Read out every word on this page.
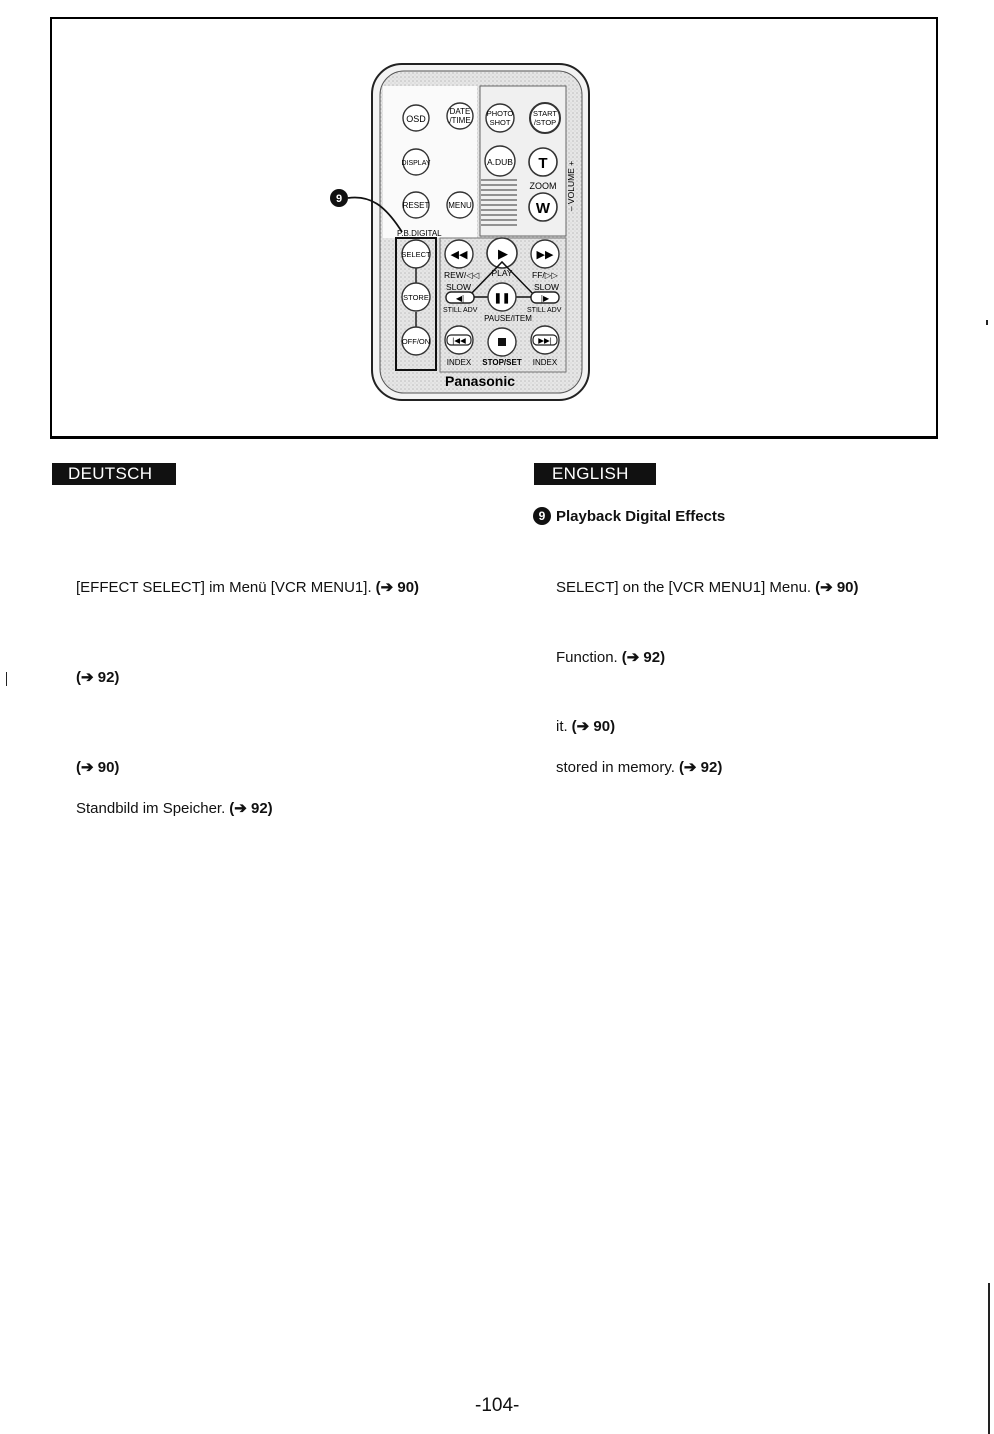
OSD
DATE
/TIME
PHOTO
SHOT
START
/STOP
DISPLAY	A.DUB T
ZOOM
W – VOLUME +
RESET MENU
9
P.B.DIGITAL
SELECT
STORE
OFF/ON
◀◀ ▶	▶▶
REW/◁◁ PLAY FF/▷▷
SLOW	SLOW
◀|	|▶
❚❚
STILL ADV	STILL ADV
PAUSE/ITEM
|◀◀	▶▶|
INDEX STOP/SET INDEX
Panasonic
DEUTSCH
[EFFECT SELECT] im Menü [VCR MENU1]. (➔ 90)
(➔ 92)
(➔ 90)
Standbild im Speicher. (➔ 92)
ENGLISH
9 Playback Digital Effects
SELECT] on the [VCR MENU1] Menu. (➔ 90)
Function. (➔ 92)
it. (➔ 90)
stored in memory. (➔ 92)
-104-
